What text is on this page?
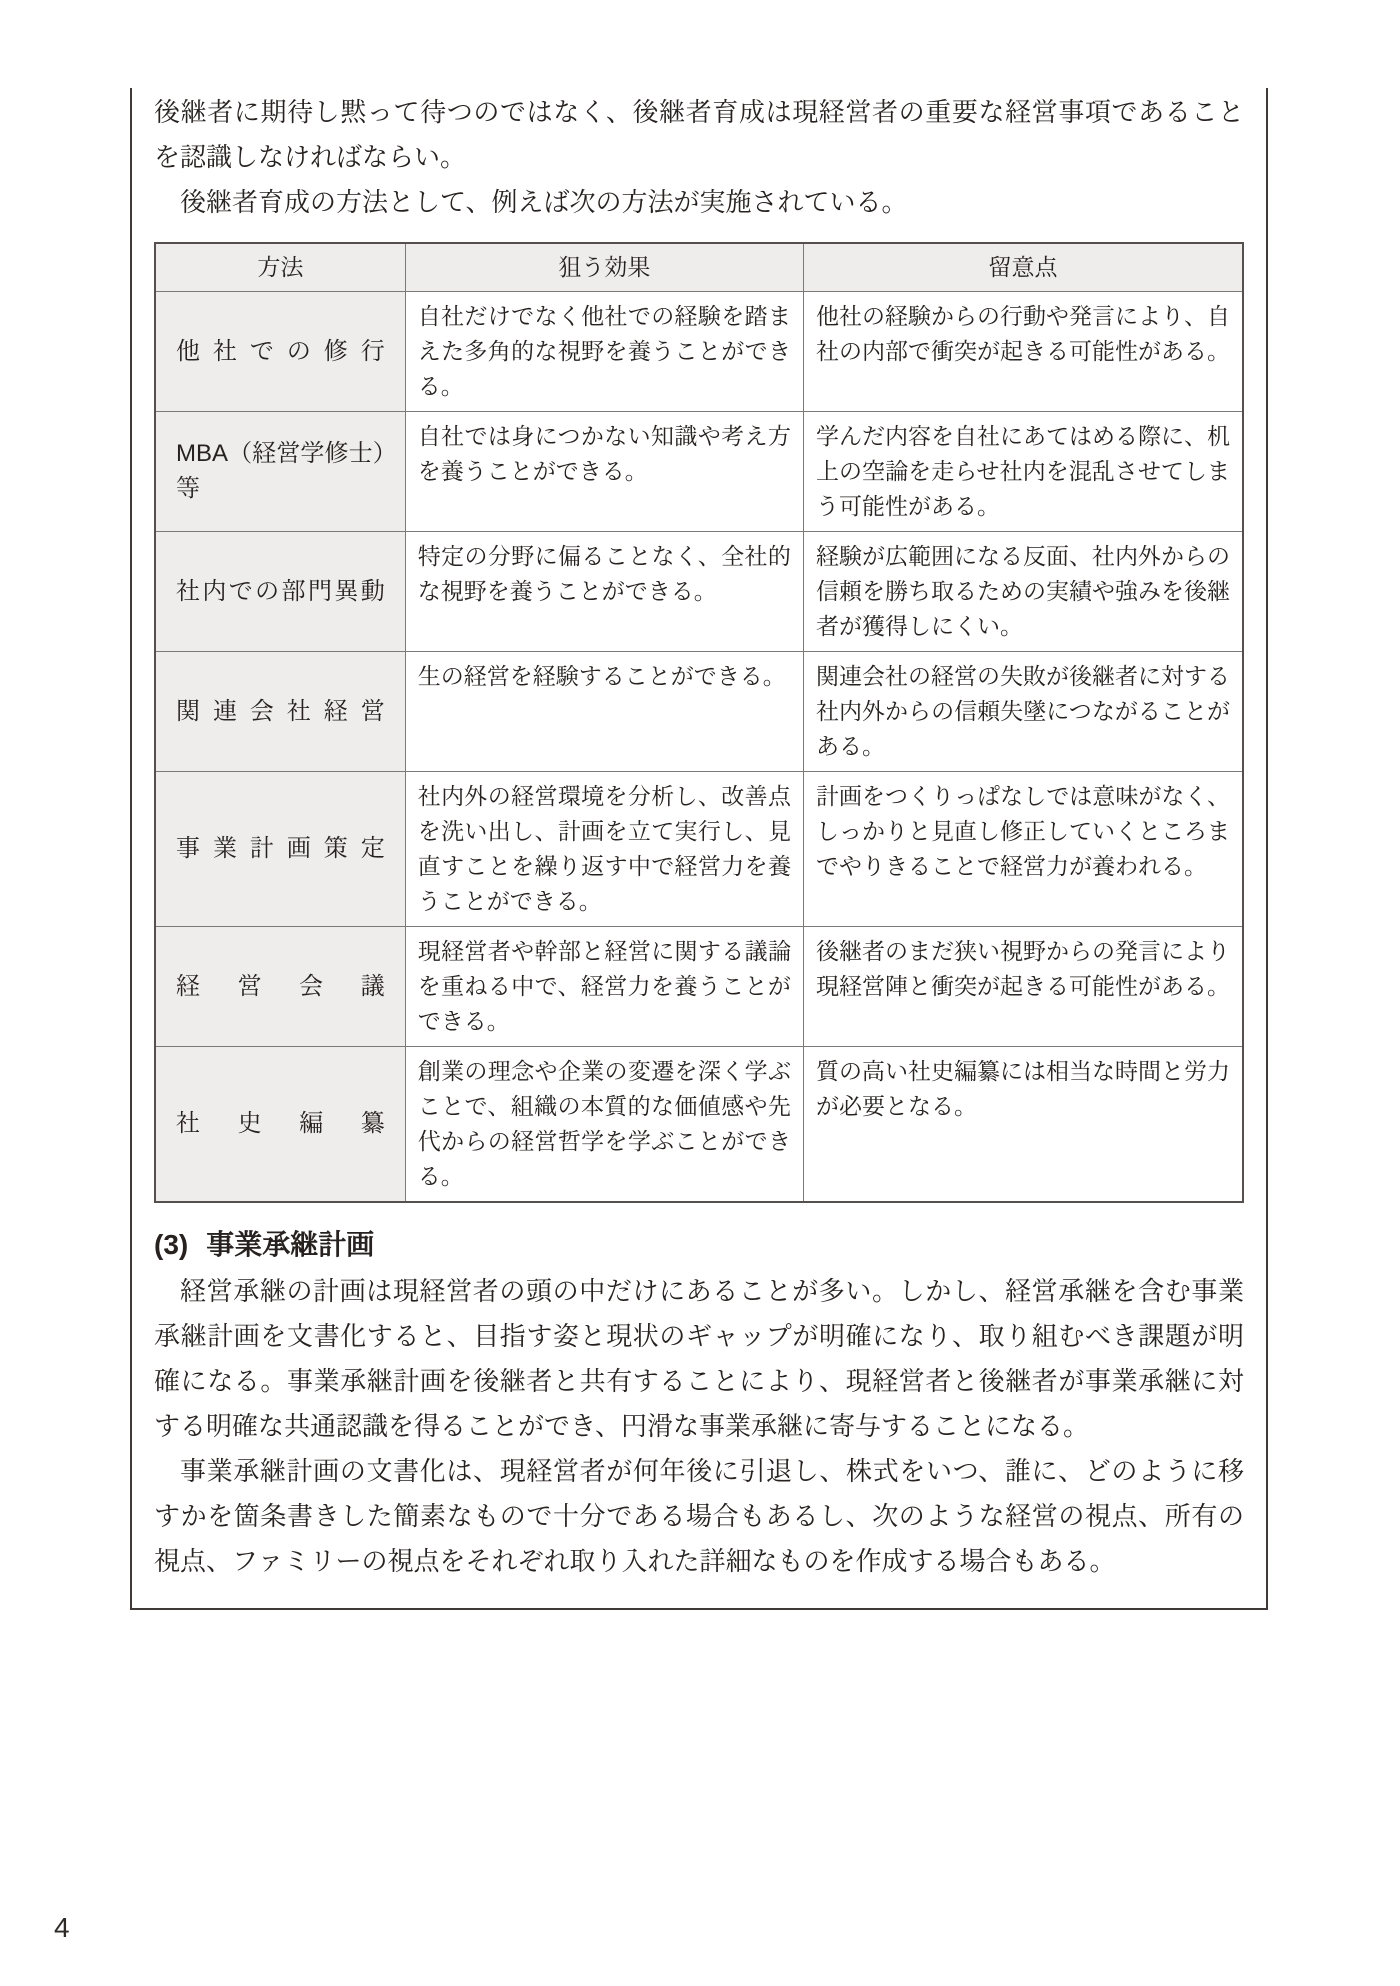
後継者に期待し黙って待つのではなく、後継者育成は現経営者の重要な経営事項であることを認識しなければならい。

後継者育成の方法として、例えば次の方法が実施されている。

方法	狙う効果	留意点
他社での修行	自社だけでなく他社での経験を踏まえた多角的な視野を養うことができる。	他社の経験からの行動や発言により、自社の内部で衝突が起きる可能性がある。
MBA（経営学修士）等	自社では身につかない知識や考え方を養うことができる。	学んだ内容を自社にあてはめる際に、机上の空論を走らせ社内を混乱させてしまう可能性がある。
社内での部門異動	特定の分野に偏ることなく、全社的な視野を養うことができる。	経験が広範囲になる反面、社内外からの信頼を勝ち取るための実績や強みを後継者が獲得しにくい。
関連会社経営	生の経営を経験することができる。	関連会社の経営の失敗が後継者に対する社内外からの信頼失墜につながることがある。
事業計画策定	社内外の経営環境を分析し、改善点を洗い出し、計画を立て実行し、見直すことを繰り返す中で経営力を養うことができる。	計画をつくりっぱなしでは意味がなく、しっかりと見直し修正していくところまでやりきることで経営力が養われる。
経営会議	現経営者や幹部と経営に関する議論を重ねる中で、経営力を養うことができる。	後継者のまだ狭い視野からの発言により現経営陣と衝突が起きる可能性がある。
社史編纂	創業の理念や企業の変遷を深く学ぶことで、組織の本質的な価値感や先代からの経営哲学を学ぶことができる。	質の高い社史編纂には相当な時間と労力が必要となる。
(3) 事業承継計画

経営承継の計画は現経営者の頭の中だけにあることが多い。しかし、経営承継を含む事業承継計画を文書化すると、目指す姿と現状のギャップが明確になり、取り組むべき課題が明確になる。事業承継計画を後継者と共有することにより、現経営者と後継者が事業承継に対する明確な共通認識を得ることができ、円滑な事業承継に寄与することになる。

事業承継計画の文書化は、現経営者が何年後に引退し、株式をいつ、誰に、どのように移すかを箇条書きした簡素なもので十分である場合もあるし、次のような経営の視点、所有の視点、ファミリーの視点をそれぞれ取り入れた詳細なものを作成する場合もある。

4
